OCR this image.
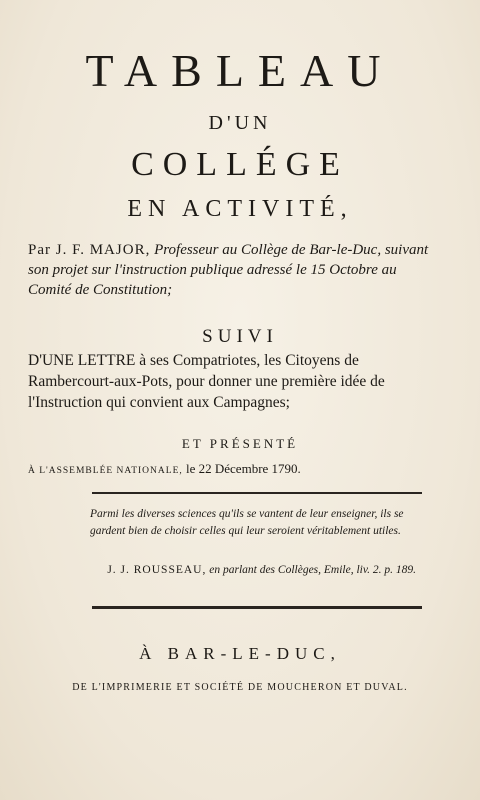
TABLEAU
D'UN
COLLÉGE
EN ACTIVITÉ,
Par J. F. MAJOR, Professeur au Collège de Bar-le-Duc, suivant son projet sur l'instruction publique adressé le 15 Octobre au Comité de Constitution;
SUIVI
D'UNE LETTRE à ses Compatriotes, les Citoyens de Rambercourt-aux-Pots, pour donner une première idée de l'Instruction qui convient aux Campagnes;
ET PRÉSENTÉ
À L'ASSEMBLÉE NATIONALE, le 22 Décembre 1790.
Parmi les diverses sciences qu'ils se vantent de leur enseigner, ils se gardent bien de choisir celles qui leur seroient véritablement utiles.
J. J. ROUSSEAU, en parlant des Collèges, Emile, liv. 2. p. 189.
À BAR-LE-DUC,
DE L'IMPRIMERIE ET SOCIÉTÉ DE MOUCHERON ET DUVAL.
